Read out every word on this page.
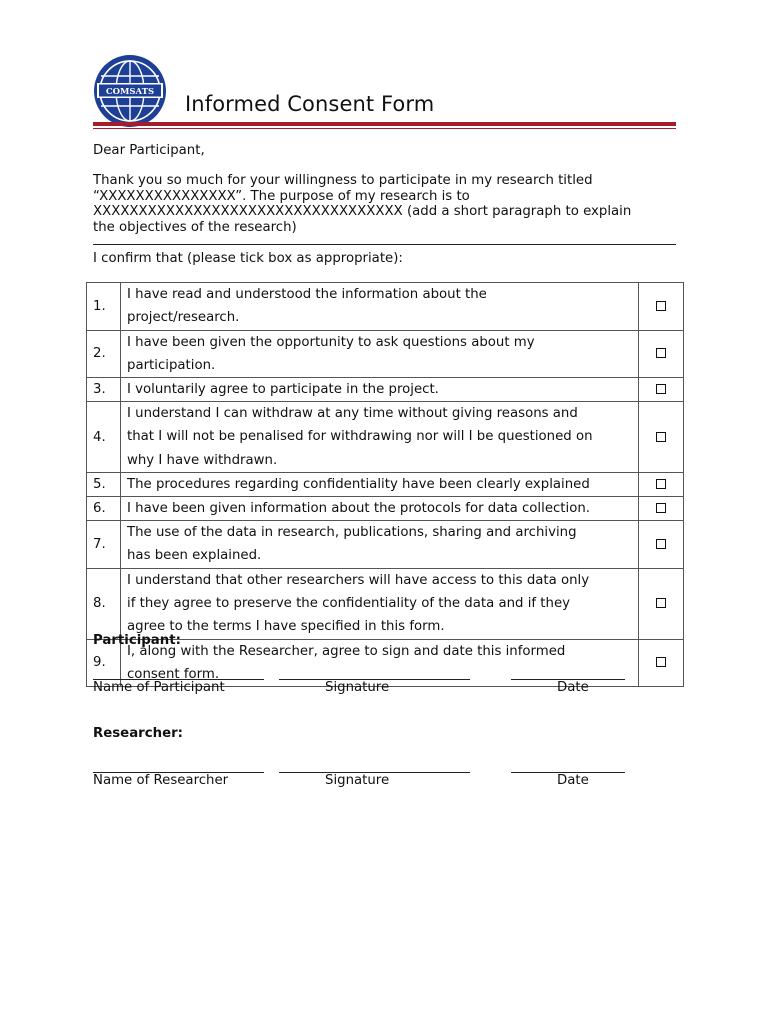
COMSATS Informed Consent Form
Dear Participant,
Thank you so much for your willingness to participate in my research titled
“XXXXXXXXXXXXXXX”. The purpose of my research is to
XXXXXXXXXXXXXXXXXXXXXXXXXXXXXXXXXX (add a short paragraph to explain
the objectives of the research)
I confirm that (please tick box as appropriate):
1.	I have read and understood the information about the
project/research.	

2.	I have been given the opportunity to ask questions about my
participation.	

3.	I voluntarily agree to participate in the project.	

4.	I understand I can withdraw at any time without giving reasons and
that I will not be penalised for withdrawing nor will I be questioned on
why I have withdrawn.	

5.	The procedures regarding confidentiality have been clearly explained	

6.	I have been given information about the protocols for data collection.	

7.	The use of the data in research, publications, sharing and archiving
has been explained.	

8.	I understand that other researchers will have access to this data only
if they agree to preserve the confidentiality of the data and if they
agree to the terms I have specified in this form.	

9.	I, along with the Researcher, agree to sign and date this informed
consent form.	

Participant:
Name of Participant	Signature	Date
Researcher:
Name of Researcher	Signature	Date
